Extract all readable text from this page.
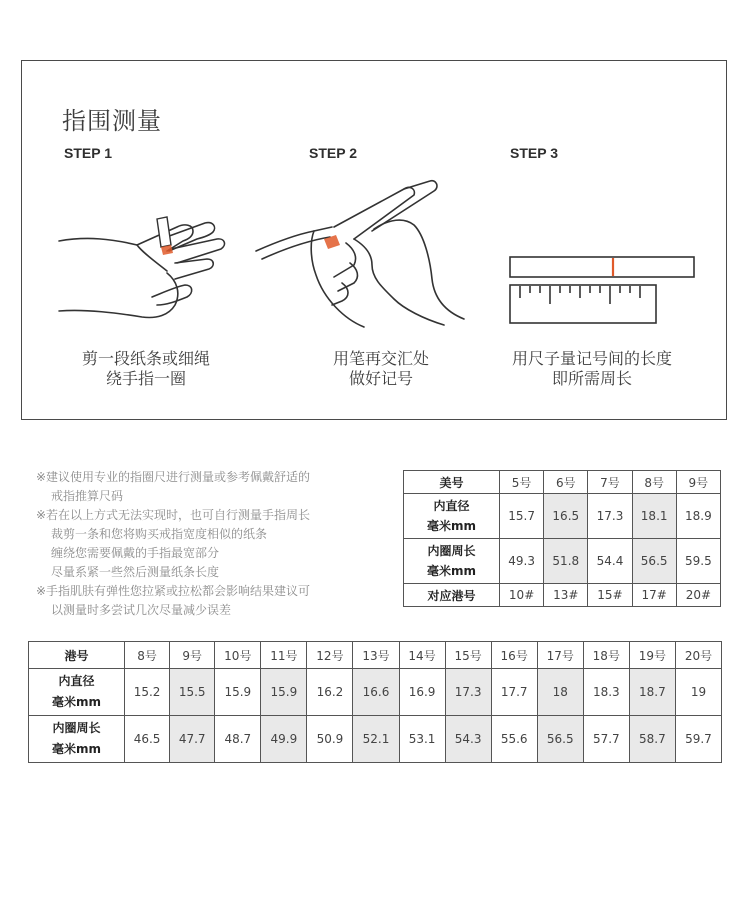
指围测量
STEP 1
剪一段纸条或细绳
绕手指一圈
STEP 2
用笔再交汇处
做好记号
STEP 3
用尺子量记号间的长度
即所需周长
※建议使用专业的指圈尺进行测量或参考佩戴舒适的
戒指推算尺码
※若在以上方式无法实现时，也可自行测量手指周长
裁剪一条和您将购买戒指宽度相似的纸条
缠绕您需要佩戴的手指最宽部分
尽量系紧一些然后测量纸条长度
※手指肌肤有弹性您拉紧或拉松都会影响结果建议可
以测量时多尝试几次尽量减少误差
美号	5号	6号	7号	8号	9号

内直径
毫米mm	15.7	16.5	17.3	18.1	18.9

内圈周长
毫米mm	49.3	51.8	54.4	56.5	59.5
对应港号	10#	13#	15#	17#	20#
港号	8号	9号	10号	11号	12号	13号	14号	15号	16号	17号	18号	19号	20号

内直径
毫米mm	15.2	15.5	15.9	15.9	16.2	16.6	16.9	17.3	17.7	18	18.3	18.7	19

内圈周长
毫米mm	46.5	47.7	48.7	49.9	50.9	52.1	53.1	54.3	55.6	56.5	57.7	58.7	59.7
